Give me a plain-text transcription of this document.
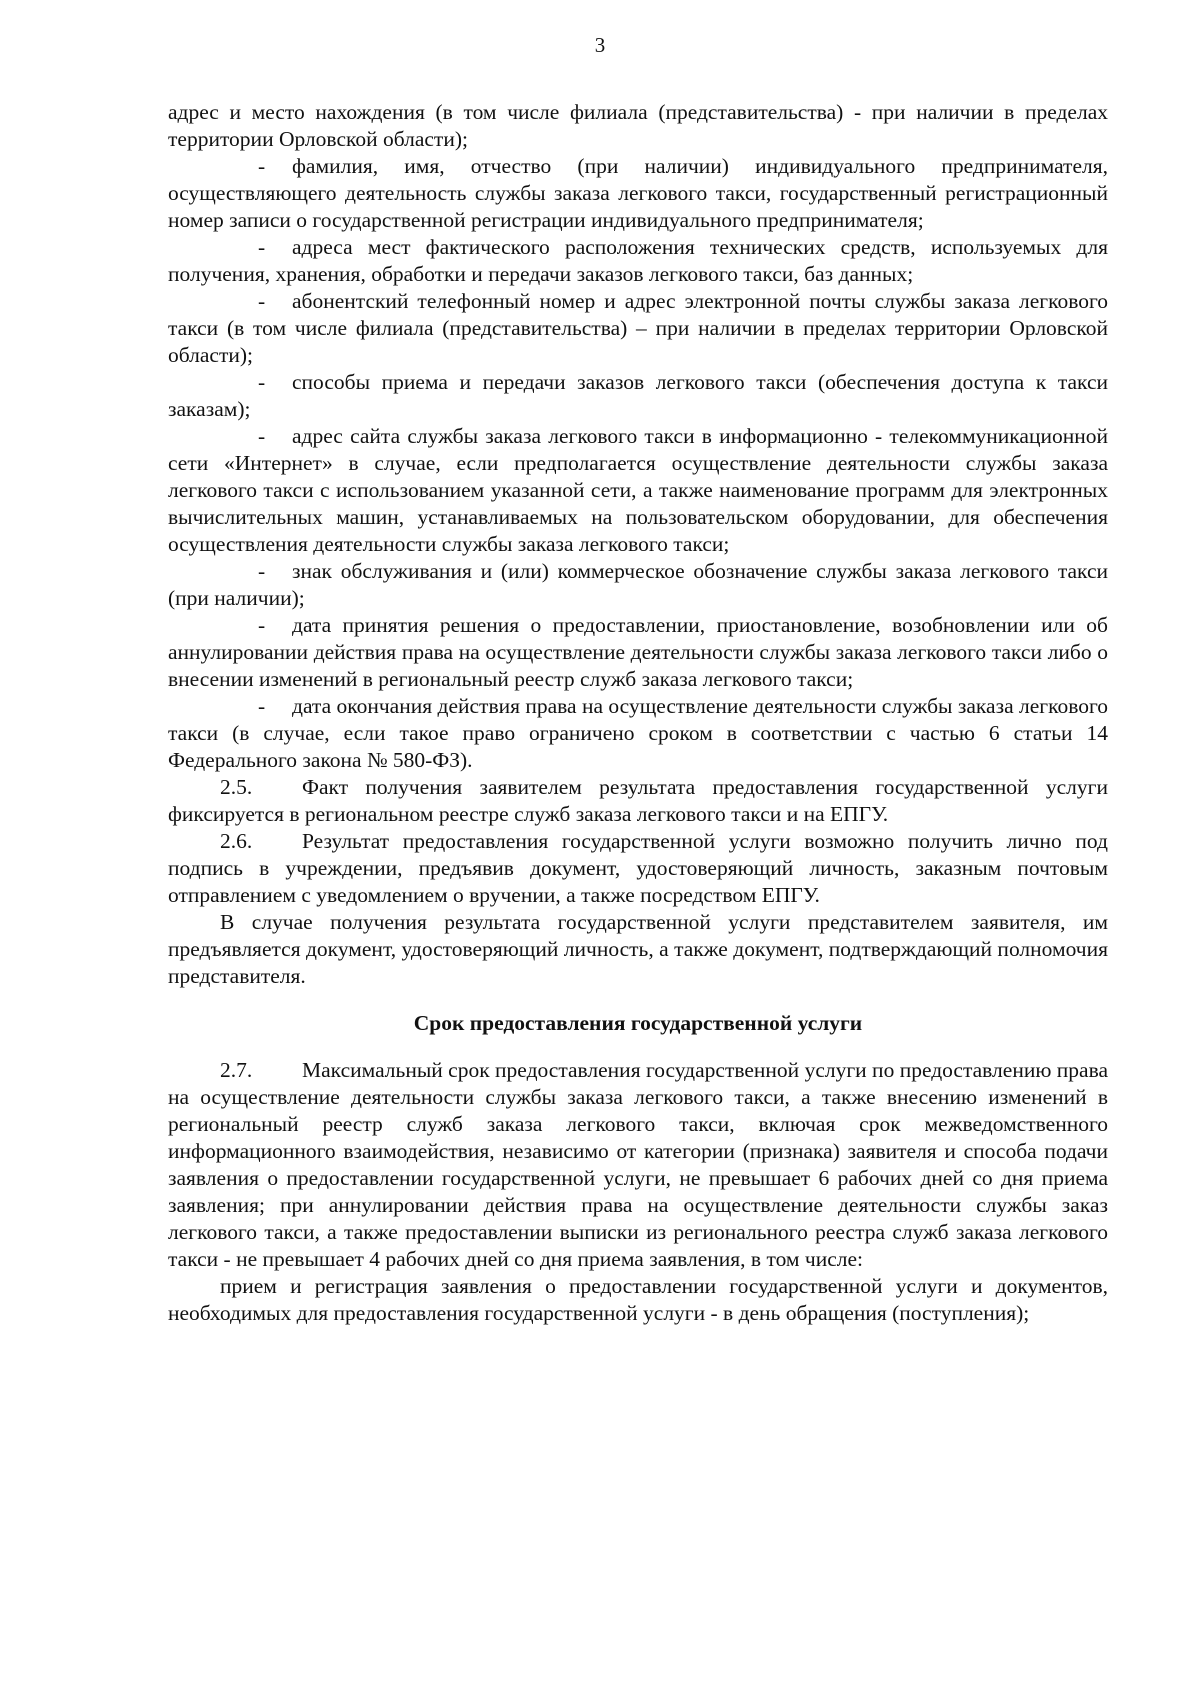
3

адрес и место нахождения (в том числе филиала (представительства) - при наличии в пределах территории Орловской области);

- фамилия, имя, отчество (при наличии) индивидуального предпринимателя, осуществляющего деятельность службы заказа легкового такси, государственный регистрационный номер записи о государственной регистрации индивидуального предпринимателя;

- адреса мест фактического расположения технических средств, используемых для получения, хранения, обработки и передачи заказов легкового такси, баз данных;

- абонентский телефонный номер и адрес электронной почты службы заказа легкового такси (в том числе филиала (представительства) – при наличии в пределах территории Орловской области);

- способы приема и передачи заказов легкового такси (обеспечения доступа к такси заказам);

- адрес сайта службы заказа легкового такси в информационно - телекоммуникационной сети «Интернет» в случае, если предполагается осуществление деятельности службы заказа легкового такси с использованием указанной сети, а также наименование программ для электронных вычислительных машин, устанавливаемых на пользовательском оборудовании, для обеспечения осуществления деятельности службы заказа легкового такси;

- знак обслуживания и (или) коммерческое обозначение службы заказа легкового такси (при наличии);

- дата принятия решения о предоставлении, приостановление, возобновлении или об аннулировании действия права на осуществление деятельности службы заказа легкового такси либо о внесении изменений в региональный реестр служб заказа легкового такси;

- дата окончания действия права на осуществление деятельности службы заказа легкового такси (в случае, если такое право ограничено сроком в соответствии с частью 6 статьи 14 Федерального закона № 580-ФЗ).

2.5. Факт получения заявителем результата предоставления государственной услуги фиксируется в региональном реестре служб заказа легкового такси и на ЕПГУ.

2.6. Результат предоставления государственной услуги возможно получить лично под подпись в учреждении, предъявив документ, удостоверяющий личность, заказным почтовым отправлением с уведомлением о вручении, а также посредством ЕПГУ.

В случае получения результата государственной услуги представителем заявителя, им предъявляется документ, удостоверяющий личность, а также документ, подтверждающий полномочия представителя.

Срок предоставления государственной услуги

2.7. Максимальный срок предоставления государственной услуги по предоставлению права на осуществление деятельности службы заказа легкового такси, а также внесению изменений в региональный реестр служб заказа легкового такси, включая срок межведомственного информационного взаимодействия, независимо от категории (признака) заявителя и способа подачи заявления о предоставлении государственной услуги, не превышает 6 рабочих дней со дня приема заявления; при аннулировании действия права на осуществление деятельности службы заказ легкового такси, а также предоставлении выписки из регионального реестра служб заказа легкового такси - не превышает 4 рабочих дней со дня приема заявления, в том числе:

прием и регистрация заявления о предоставлении государственной услуги и документов, необходимых для предоставления государственной услуги - в день обращения (поступления);
